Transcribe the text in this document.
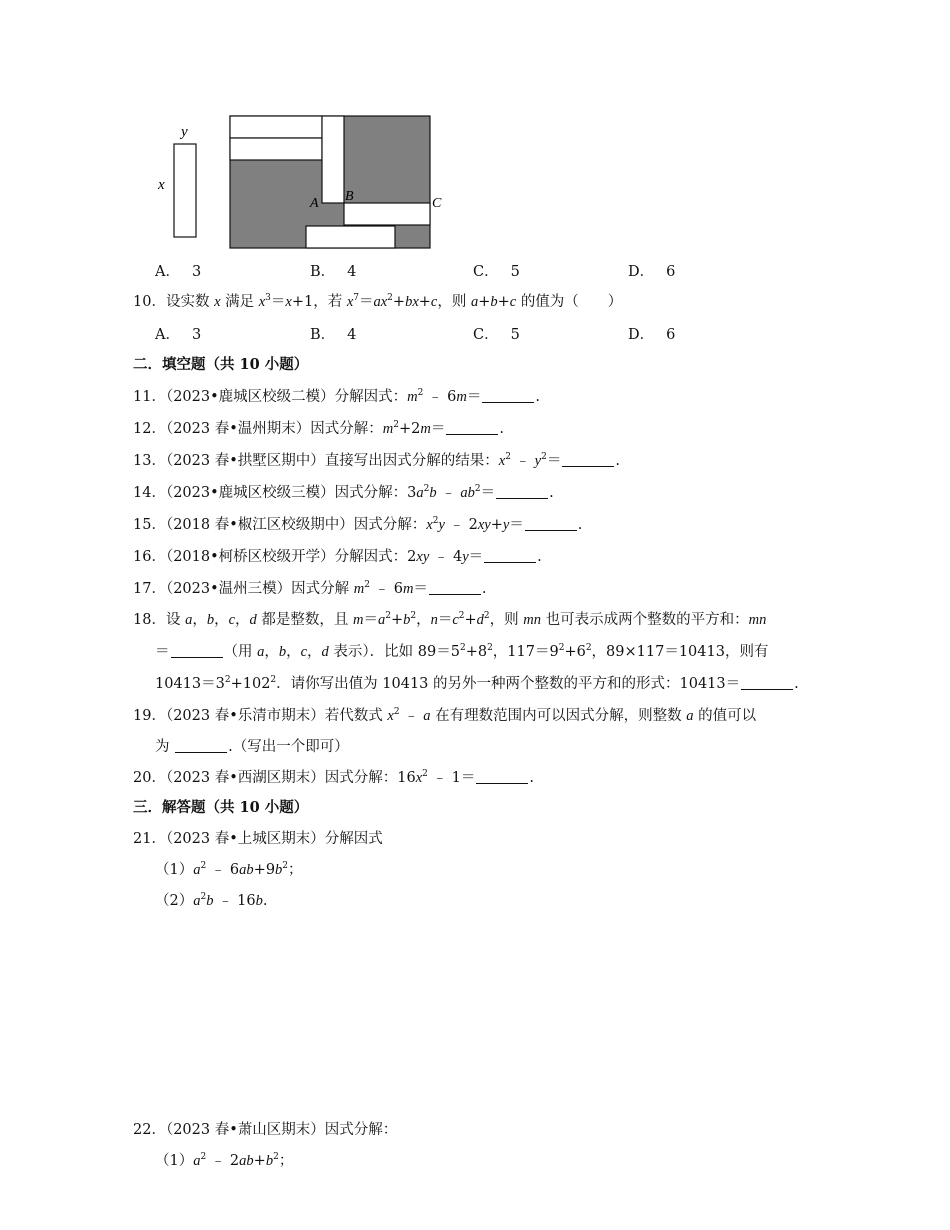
y
x
A B	C
A． 3	B． 4	C． 5	D． 6
10．设实数 x 满足 $x^3=x+1$，若 $x^7=ax^2+bx+c$，则 a+b+c 的值为（　　）
A． 3	B． 4	C． 5	D． 6
二．填空题（共 10 小题）
11．（2023•鹿城区校级二模）分解因式：$m^2$ ﹣ 6m＝	.
12．（2023 春•温州期末）因式分解：$m^2+2m=$	.
13．（2023 春•拱墅区期中）直接写出因式分解的结果：$x^2$ ﹣ $y^2=$	.
14．（2023•鹿城区校级三模）因式分解：$3a^2b$ ﹣ $ab^2=$	.
15．（2018 春•椒江区校级期中）因式分解：$x^2y$ ﹣ 2xy+y＝	.
16．（2018•柯桥区校级开学）分解因式：2xy ﹣ 4y＝	.
17．（2023•温州三模）因式分解 $m^2$ ﹣ 6m＝	.
18．设 a，b，c，d 都是整数，且 $m=a^2+b^2$，$n=c^2+d^2$，则 mn 也可表示成两个整数的平方和：mn
＝	（用 a，b，c，d 表示）．比如 $89=5^2+8^2$，$117=9^2+6^2$，89×117＝10413，则有
$10413=3^2+102^2$．请你写出值为 10413 的另外一种两个整数的平方和的形式：10413＝	.
19．（2023 春•乐清市期末）若代数式 $x^2$ ﹣ a 在有理数范围内可以因式分解，则整数 a 的值可以
为	.（写出一个即可）
20．（2023 春•西湖区期末）因式分解：$16x^2$ ﹣ 1＝	.
三．解答题（共 10 小题）
21．（2023 春•上城区期末）分解因式
$(1)a^2$ ﹣ $6ab+9b^2$；
$(2)a^2b$ ﹣ 16b.
22．（2023 春•萧山区期末）因式分解：
$(1)a^2$ ﹣ $2ab+b^2$；
